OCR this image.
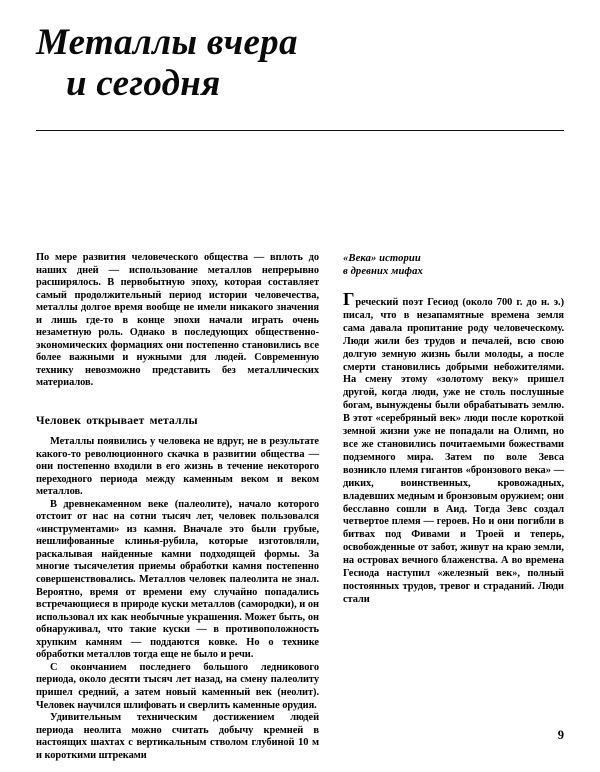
Металлы вчера
и сегодня

По мере развития человеческого общества — вплоть до наших дней — использование металлов непрерывно расширялось. В первобытную эпоху, которая составляет самый продолжительный период истории человечества, металлы долгое время вообще не имели никакого значения и лишь где-то в конце эпохи начали играть очень незаметную роль. Однако в последующих общественно-экономических формациях они постепенно становились все более важными и нужными для людей. Современную технику невозможно представить без металлических материалов.

Человек открывает металлы

Металлы появились у человека не вдруг, не в результате какого-то революционного скачка в развитии общества — они постепенно входили в его жизнь в течение некоторого переходного периода между каменным веком и веком металлов.

В древнекаменном веке (палеолите), начало которого отстоит от нас на сотни тысяч лет, человек пользовался «инструментами» из камня. Вначале это были грубые, нешлифованные клинья-рубила, которые изготовляли, раскалывая найденные камни подходящей формы. За многие тысячелетия приемы обработки камня постепенно совершенствовались. Металлов человек палеолита не знал. Вероятно, время от времени ему случайно попадались встречающиеся в природе куски металлов (самородки), и он использовал их как необычные украшения. Может быть, он обнаруживал, что такие куски — в противоположность хрупким камням — поддаются ковке. Но о технике обработки металлов тогда еще не было и речи.

С окончанием последнего большого ледникового периода, около десяти тысяч лет назад, на смену палеолиту пришел средний, а затем новый каменный век (неолит). Человек научился шлифовать и сверлить каменные орудия.

Удивительным техническим достижением людей периода неолита можно считать добычу кремней в настоящих шахтах с вертикальным стволом глубиной 10 м и короткими штреками

«Века» истории
в древних мифах

Греческий поэт Гесиод (около 700 г. до н. э.) писал, что в незапамятные времена земля сама давала пропитание роду человеческому. Люди жили без трудов и печалей, всю свою долгую земную жизнь были молоды, а после смерти становились добрыми небожителями. На смену этому «золотому веку» пришел другой, когда люди, уже не столь послушные богам, вынуждены были обрабатывать землю. В этот «серебряный век» люди после короткой земной жизни уже не попадали на Олимп, но все же становились почитаемыми божествами подземного мира. Затем по воле Зевса возникло племя гигантов «бронзового века» — диких, воинственных, кровожадных, владевших медным и бронзовым оружием; они бесславно сошли в Аид. Тогда Зевс создал четвертое племя — героев. Но и они погибли в битвах под Фивами и Троей и теперь, освобожденные от забот, живут на краю земли, на островах вечного блаженства. А во времена Гесиода наступил «железный век», полный постоянных трудов, тревог и страданий. Люди стали

9
